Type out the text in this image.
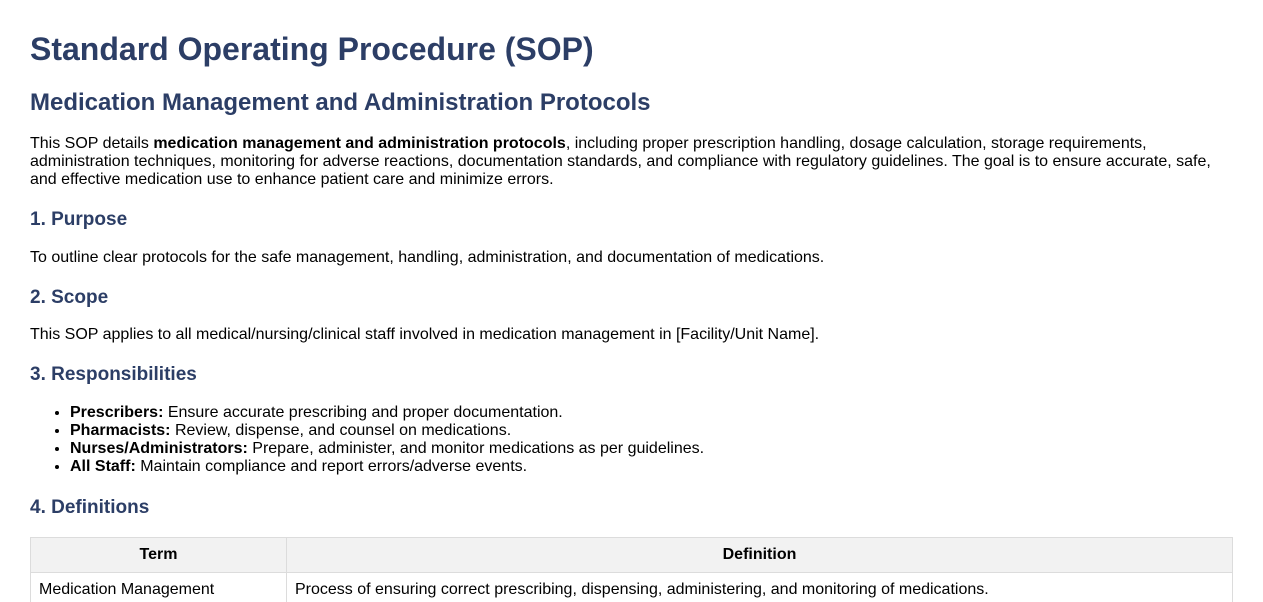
Standard Operating Procedure (SOP)
Medication Management and Administration Protocols

This SOP details medication management and administration protocols, including proper prescription handling, dosage calculation, storage requirements, administration techniques, monitoring for adverse reactions, documentation standards, and compliance with regulatory guidelines. The goal is to ensure accurate, safe, and effective medication use to enhance patient care and minimize errors.

1. Purpose

To outline clear protocols for the safe management, handling, administration, and documentation of medications.

2. Scope

This SOP applies to all medical/nursing/clinical staff involved in medication management in [Facility/Unit Name].

3. Responsibilities
• Prescribers: Ensure accurate prescribing and proper documentation.
• Pharmacists: Review, dispense, and counsel on medications.
• Nurses/Administrators: Prepare, administer, and monitor medications as per guidelines.
• All Staff: Maintain compliance and report errors/adverse events.
4. Definitions
Term	Definition
Medication Management	Process of ensuring correct prescribing, dispensing, administering, and monitoring of medications.
